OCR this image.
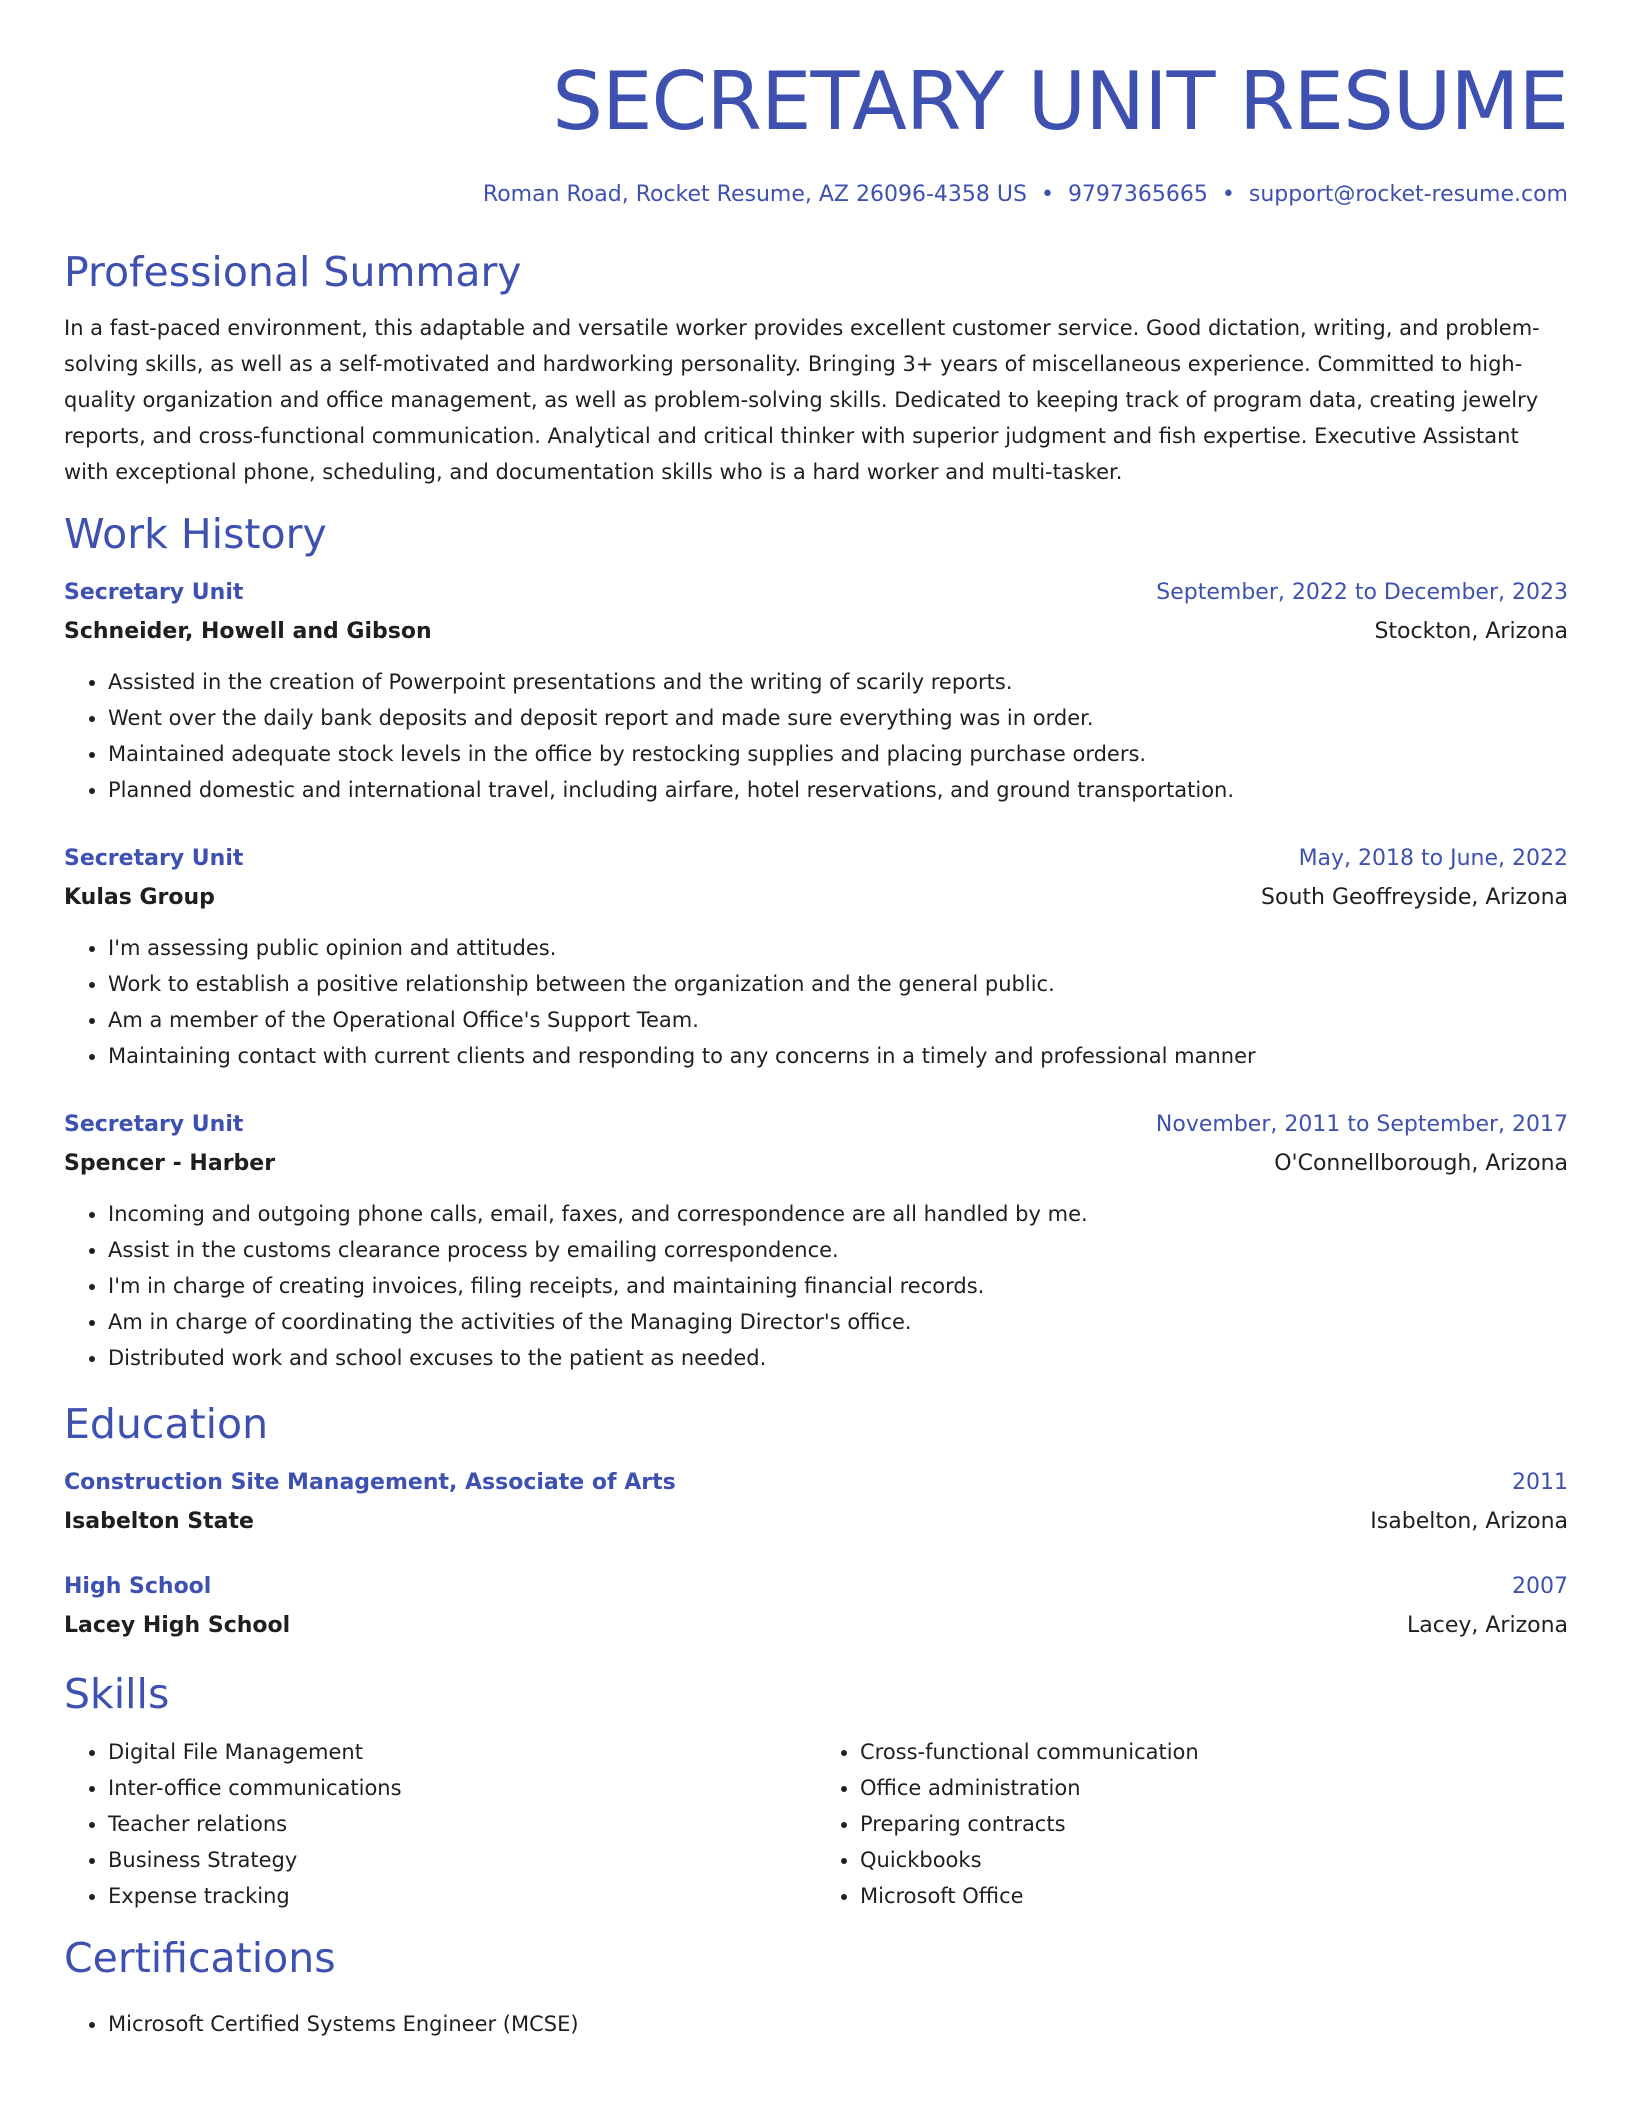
SECRETARY UNIT RESUME
Roman Road, Rocket Resume, AZ 26096-4358 US • 9797365665 • support@rocket-resume.com
Professional Summary

In a fast-paced environment, this adaptable and versatile worker provides excellent customer service. Good dictation, writing, and problem-solving skills, as well as a self-motivated and hardworking personality. Bringing 3+ years of miscellaneous experience. Committed to high-quality organization and office management, as well as problem-solving skills. Dedicated to keeping track of program data, creating jewelry reports, and cross-functional communication. Analytical and critical thinker with superior judgment and fish expertise. Executive Assistant with exceptional phone, scheduling, and documentation skills who is a hard worker and multi-tasker.

Work History
Secretary Unit	September, 2022 to December, 2023
Schneider, Howell and Gibson	Stockton, Arizona
• Assisted in the creation of Powerpoint presentations and the writing of scarily reports.
• Went over the daily bank deposits and deposit report and made sure everything was in order.
• Maintained adequate stock levels in the office by restocking supplies and placing purchase orders.
• Planned domestic and international travel, including airfare, hotel reservations, and ground transportation.
Secretary Unit	May, 2018 to June, 2022
Kulas Group	South Geoffreyside, Arizona
• I'm assessing public opinion and attitudes.
• Work to establish a positive relationship between the organization and the general public.
• Am a member of the Operational Office's Support Team.
• Maintaining contact with current clients and responding to any concerns in a timely and professional manner
Secretary Unit	November, 2011 to September, 2017
Spencer - Harber	O'Connellborough, Arizona
• Incoming and outgoing phone calls, email, faxes, and correspondence are all handled by me.
• Assist in the customs clearance process by emailing correspondence.
• I'm in charge of creating invoices, filing receipts, and maintaining financial records.
• Am in charge of coordinating the activities of the Managing Director's office.
• Distributed work and school excuses to the patient as needed.
Education
Construction Site Management, Associate of Arts	2011
Isabelton State	Isabelton, Arizona
High School	2007
Lacey High School	Lacey, Arizona
Skills
• Digital File Management
• Inter-office communications
• Teacher relations
• Business Strategy
• Expense tracking
• Cross-functional communication
• Office administration
• Preparing contracts
• Quickbooks
• Microsoft Office
Certifications
• Microsoft Certified Systems Engineer (MCSE)
